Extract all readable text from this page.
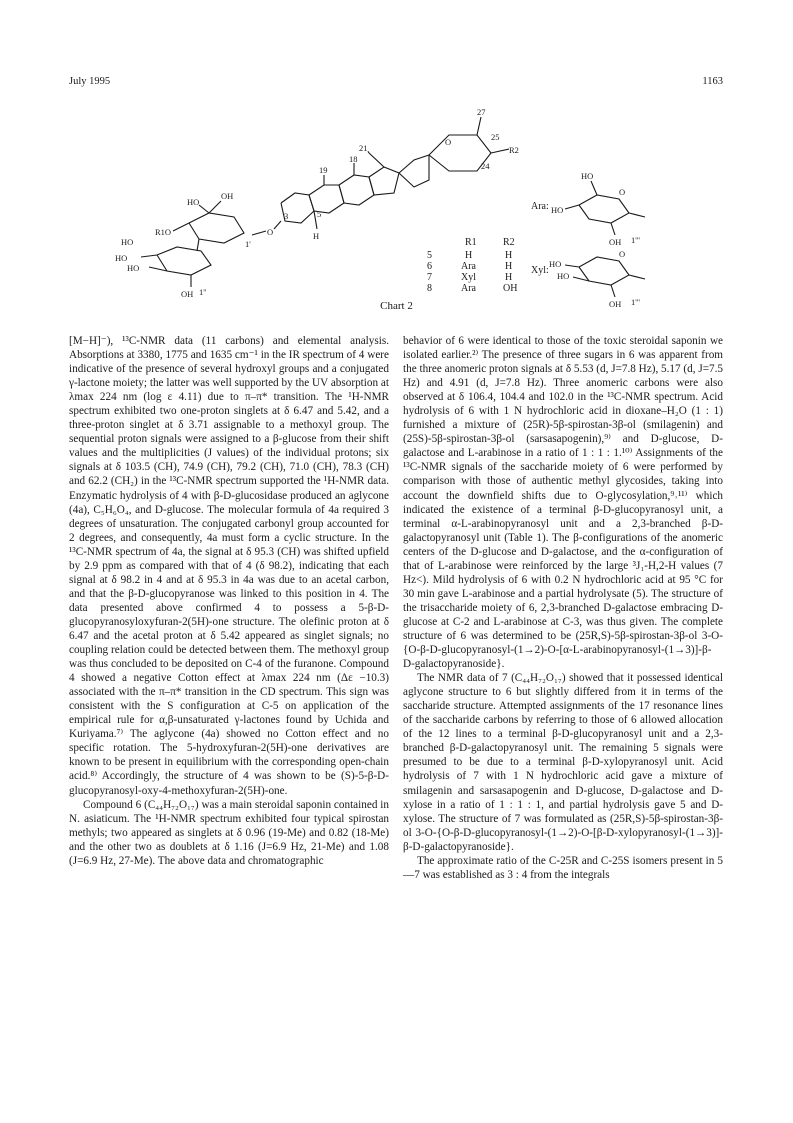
July 1995	1163
27
25
R2
24
O
21
18
19
3	5
H
O
HO
OH
R1O
1'
HO
HO
HO
OH 1''
R1	R2
5	H	H
6	Ara	H
7	Xyl	H
8	Ara	OH
Ara:
Xyl:
HO
HO
O
OH 1'''
HO
HO
O
OH 1'''
Chart 2

[M−H]⁻), ¹³C-NMR data (11 carbons) and elemental analysis. Absorptions at 3380, 1775 and 1635 cm⁻¹ in the IR spectrum of 4 were indicative of the presence of several hydroxyl groups and a conjugated γ-lactone moiety; the latter was well supported by the UV absorption at λmax 224 nm (log ε 4.11) due to π–π* transition. The ¹H-NMR spectrum exhibited two one-proton singlets at δ 6.47 and 5.42, and a three-proton singlet at δ 3.71 assignable to a methoxyl group. The sequential proton signals were assigned to a β-glucose from their shift values and the multiplicities (J values) of the individual protons; six signals at δ 103.5 (CH), 74.9 (CH), 79.2 (CH), 71.0 (CH), 78.3 (CH) and 62.2 (CH₂) in the ¹³C-NMR spectrum supported the ¹H-NMR data. Enzymatic hydrolysis of 4 with β-D-glucosidase produced an aglycone (4a), C₅H₆O₄, and D-glucose. The molecular formula of 4a required 3 degrees of unsaturation. The conjugated carbonyl group accounted for 2 degrees, and consequently, 4a must form a cyclic structure. In the ¹³C-NMR spectrum of 4a, the signal at δ 95.3 (CH) was shifted upfield by 2.9 ppm as compared with that of 4 (δ 98.2), indicating that each signal at δ 98.2 in 4 and at δ 95.3 in 4a was due to an acetal carbon, and that the β-D-glucopyranose was linked to this position in 4. The data presented above confirmed 4 to possess a 5-β-D-glucopyranosyloxyfuran-2(5H)-one structure. The olefinic proton at δ 6.47 and the acetal proton at δ 5.42 appeared as singlet signals; no coupling relation could be detected between them. The methoxyl group was thus concluded to be deposited on C-4 of the furanone. Compound 4 showed a negative Cotton effect at λmax 224 nm (Δε −10.3) associated with the π–π* transition in the CD spectrum. This sign was consistent with the S configuration at C-5 on application of the empirical rule for α,β-unsaturated γ-lactones found by Uchida and Kuriyama.⁷⁾ The aglycone (4a) showed no Cotton effect and no specific rotation. The 5-hydroxyfuran-2(5H)-one derivatives are known to be present in equilibrium with the corresponding open-chain acid.⁸⁾ Accordingly, the structure of 4 was shown to be (S)-5-β-D-glucopyranosyl-oxy-4-methoxyfuran-2(5H)-one.

Compound 6 (C₄₄H₇₂O₁₇) was a main steroidal saponin contained in N. asiaticum. The ¹H-NMR spectrum exhibited four typical spirostan methyls; two appeared as singlets at δ 0.96 (19-Me) and 0.82 (18-Me) and the other two as doublets at δ 1.16 (J=6.9 Hz, 21-Me) and 1.08 (J=6.9 Hz, 27-Me). The above data and chromatographic

behavior of 6 were identical to those of the toxic steroidal saponin we isolated earlier.²⁾ The presence of three sugars in 6 was apparent from the three anomeric proton signals at δ 5.53 (d, J=7.8 Hz), 5.17 (d, J=7.5 Hz) and 4.91 (d, J=7.8 Hz). Three anomeric carbons were also observed at δ 106.4, 104.4 and 102.0 in the ¹³C-NMR spectrum. Acid hydrolysis of 6 with 1 N hydrochloric acid in dioxane–H₂O (1 : 1) furnished a mixture of (25R)-5β-spirostan-3β-ol (smilagenin) and (25S)-5β-spirostan-3β-ol (sarsasapogenin),⁹⁾ and D-glucose, D-galactose and L-arabinose in a ratio of 1 : 1 : 1.¹⁰⁾ Assignments of the ¹³C-NMR signals of the saccharide moiety of 6 were performed by comparison with those of authentic methyl glycosides, taking into account the downfield shifts due to O-glycosylation,⁹˒¹¹⁾ which indicated the existence of a terminal β-D-glucopyranosyl unit, a terminal α-L-arabinopyranosyl unit and a 2,3-branched β-D-galactopyranosyl unit (Table 1). The β-configurations of the anomeric centers of the D-glucose and D-galactose, and the α-configuration of that of L-arabinose were reinforced by the large ³J₁-H,2-H values (7 Hz<). Mild hydrolysis of 6 with 0.2 N hydrochloric acid at 95 °C for 30 min gave L-arabinose and a partial hydrolysate (5). The structure of the trisaccharide moiety of 6, 2,3-branched D-galactose embracing D-glucose at C-2 and L-arabinose at C-3, was thus given. The complete structure of 6 was determined to be (25R,S)-5β-spirostan-3β-ol 3-O-{O-β-D-glucopyranosyl-(1→2)-O-[α-L-arabinopyranosyl-(1→3)]-β-D-galactopyranoside}.

The NMR data of 7 (C₄₄H₇₂O₁₇) showed that it possessed identical aglycone structure to 6 but slightly differed from it in terms of the saccharide structure. Attempted assignments of the 17 resonance lines of the saccharide carbons by referring to those of 6 allowed allocation of the 12 lines to a terminal β-D-glucopyranosyl unit and a 2,3-branched β-D-galactopyranosyl unit. The remaining 5 signals were presumed to be due to a terminal β-D-xylopyranosyl unit. Acid hydrolysis of 7 with 1 N hydrochloric acid gave a mixture of smilagenin and sarsasapogenin and D-glucose, D-galactose and D-xylose in a ratio of 1 : 1 : 1, and partial hydrolysis gave 5 and D-xylose. The structure of 7 was formulated as (25R,S)-5β-spirostan-3β-ol 3-O-{O-β-D-glucopyranosyl-(1→2)-O-[β-D-xylopyranosyl-(1→3)]-β-D-galactopyranoside}.

The approximate ratio of the C-25R and C-25S isomers present in 5—7 was established as 3 : 4 from the integrals
